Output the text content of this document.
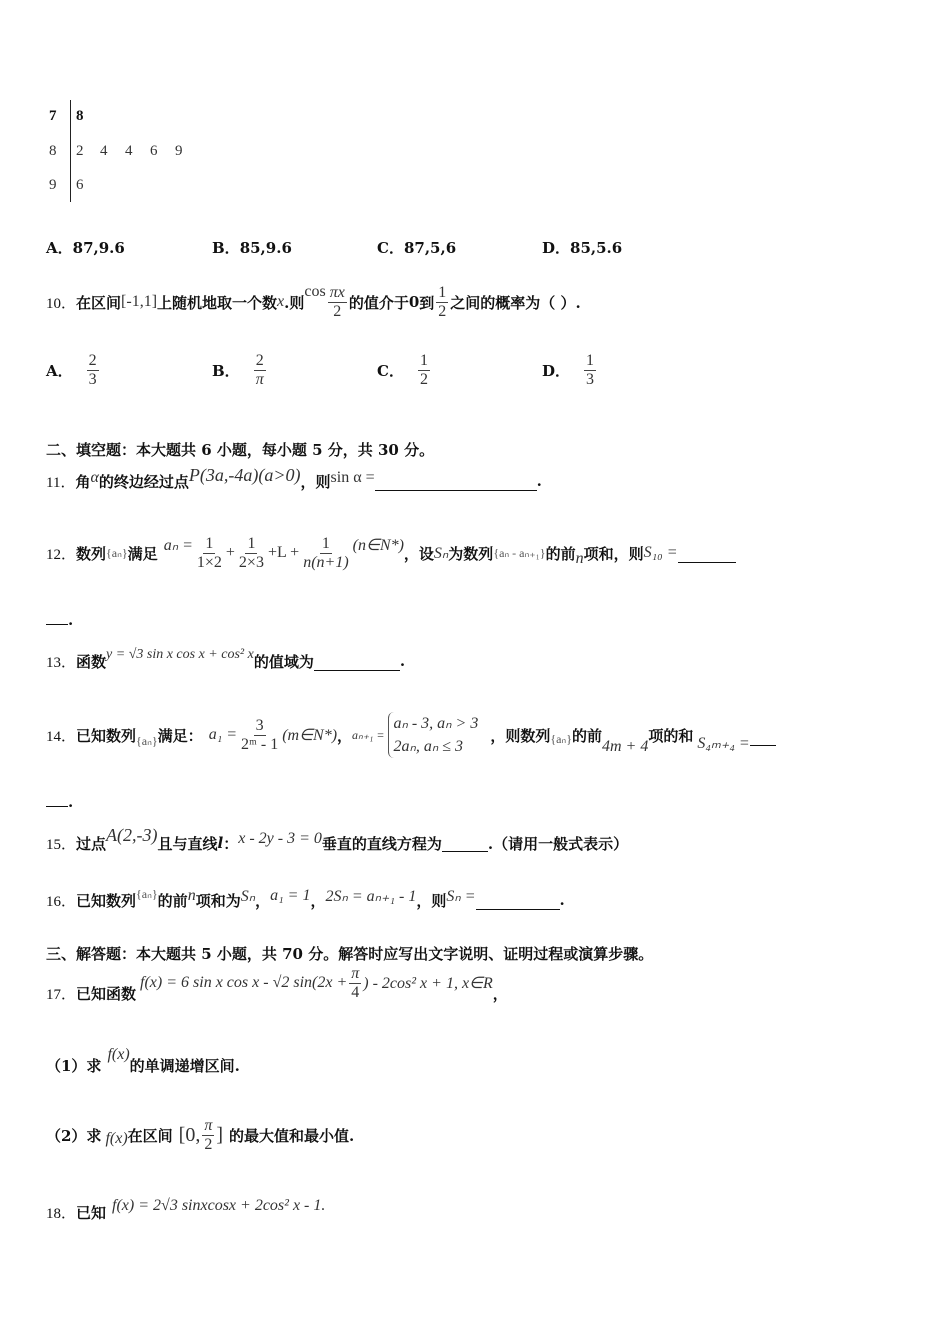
7 8
8 2 4 4 6 9
9 6
A．87,9.6	B．85,9.6	C．87,5,6	D．85,5.6
10． 在区间 [-1,1] 上随机地取一个数 x .则
$\cos \frac{\pi x}{2}$ 的值介于 0 到 $\frac{1}{2}$ 之间的概率为（ ）.
A． $\frac{2}{3}$	B． $\frac{2}{\pi}$	C． $\frac{1}{2}$	D． $\frac{1}{3}$
二、填空题：本大题共 6 小题，每小题 5 分，共 30 分。
11． 角 α 的终边经过点 P(3a,-4a)(a>0) ，则 sin α =	.
12． 数列 {aₙ} 满足 $a_n = \frac{1}{1\times 2} + \frac{1}{2\times 3} +L + \frac{1}{n(n+1)}$ (n∈N*) ，设 Sₙ 为数列 {aₙ - aₙ₊₁} 的前 n 项和，则 S₁₀ =
.
13． 函数 y = √3 sin x cos x + cos² x 的值域为	.
14． 已知数列 {aₙ} 满足： $a_1 = \frac{3}{\text{2ᵐ - 1}}$ (m∈N*) ， aₙ₊₁ =
aₙ - 3, aₙ > 3
2aₙ, aₙ ≤ 3
，则数列 {aₙ} 的前
4m + 4
项的和 S₄ₘ₊₄ =
.
15． 过点 A(2,-3) 且与直线 l ： x - 2y - 3 = 0 垂直的直线方程为	.（请用一般式表示）
16． 已知数列 {aₙ} 的前 n 项和为 Sₙ ， a₁ = 1 ， 2Sₙ = aₙ₊₁ - 1 ，则 Sₙ =	.
三、解答题：本大题共 5 小题，共 70 分。解答时应写出文字说明、证明过程或演算步骤。
17． 已知函数
f(x) = 6 sin x cos x - √2 $\sin(2x + \frac{\pi}{4}$ ) - 2cos² x + 1, x∈R
，
（1）求
f(x)
的单调递增区间.
（2）求 f(x) 在区间 [0, $\frac{\pi}{2}$ ] 的最大值和最小值.
18． 已知 f(x) = 2√3 sinxcosx + 2cos² x - 1.
